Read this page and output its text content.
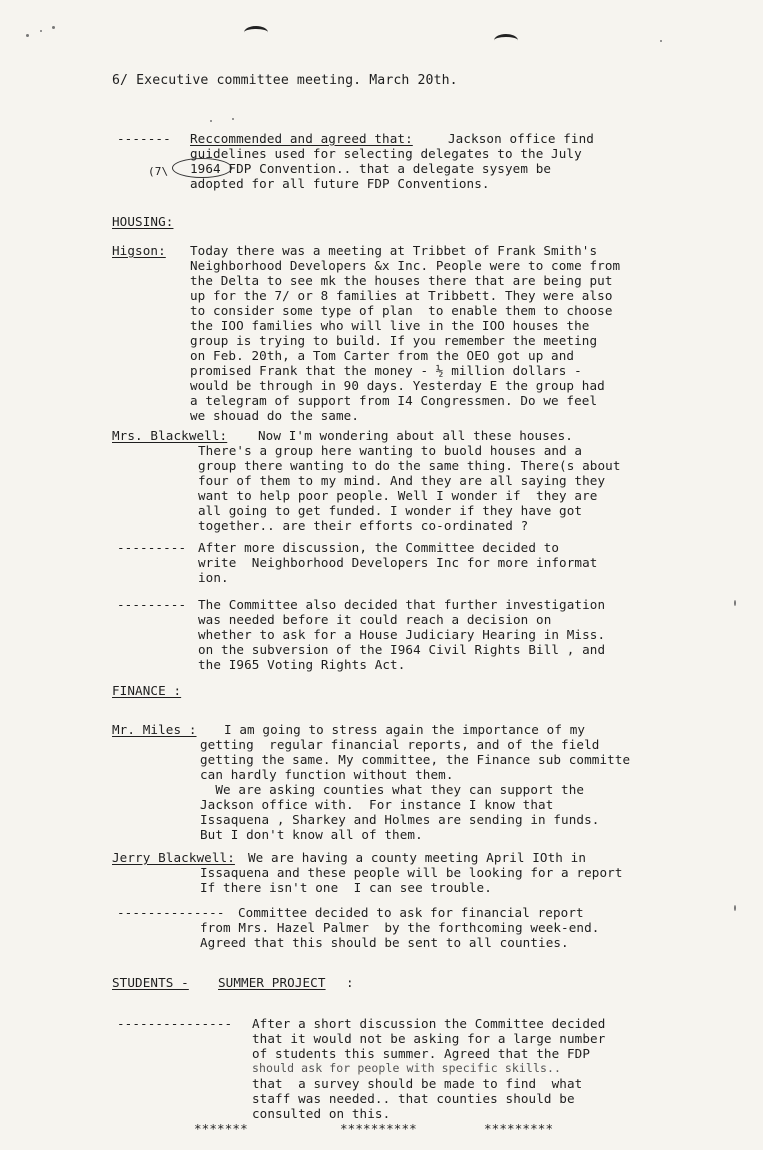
6/ Executive committee meeting. March 20th.
------- Reccommended and agreed that:	Jackson office find
guidelines used for selecting delegates to the July
1964 FDP Convention.. that a delegate sysyem be
adopted for all future FDP Conventions.
(7\
HOUSING:
Higson: Today there was a meeting at Tribbet of Frank Smith's
Neighborhood Developers &x Inc. People were to come from
the Delta to see mk the houses there that are being put
up for the 7/ or 8 families at Tribbett. They were also
to consider some type of plan  to enable them to choose
the IOO families who will live in the IOO houses the
group is trying to build. If you remember the meeting
on Feb. 20th, a Tom Carter from the OEO got up and
promised Frank that the money - ½ million dollars -
would be through in 90 days. Yesterday E the group had
a telegram of support from I4 Congressmen. Do we feel
we shouad do the same.
Mrs. Blackwell: Now I'm wondering about all these houses.
There's a group here wanting to buold houses and a
group there wanting to do the same thing. There(s about
four of them to my mind. And they are all saying they
want to help poor people. Well I wonder if  they are
all going to get funded. I wonder if they have got
together.. are their efforts co-ordinated ?
--------- After more discussion, the Committee decided to
write  Neighborhood Developers Inc for more informat
ion.
--------- The Committee also decided that further investigation
was needed before it could reach a decision on
whether to ask for a House Judiciary Hearing in Miss.
on the subversion of the I964 Civil Rights Bill , and
the I965 Voting Rights Act.
FINANCE :
Mr. Miles : I am going to stress again the importance of my
getting  regular financial reports, and of the field
getting the same. My committee, the Finance sub committe
can hardly function without them.
We are asking counties what they can support the
Jackson office with.  For instance I know that
Issaquena , Sharkey and Holmes are sending in funds.
But I don't know all of them.
Jerry Blackwell: We are having a county meeting April IOth in
Issaquena and these people will be looking for a report
If there isn't one  I can see trouble.
-------------- Committee decided to ask for financial report
from Mrs. Hazel Palmer  by the forthcoming week-end.
Agreed that this should be sent to all counties.
STUDENTS - SUMMER PROJECT :
--------------- After a short discussion the Committee decided
that it would not be asking for a large number
of students this summer. Agreed that the FDP
should ask for people with specific skills..
that  a survey should be made to find  what
staff was needed.. that counties should be
consulted on this.
*******	**********	*********
